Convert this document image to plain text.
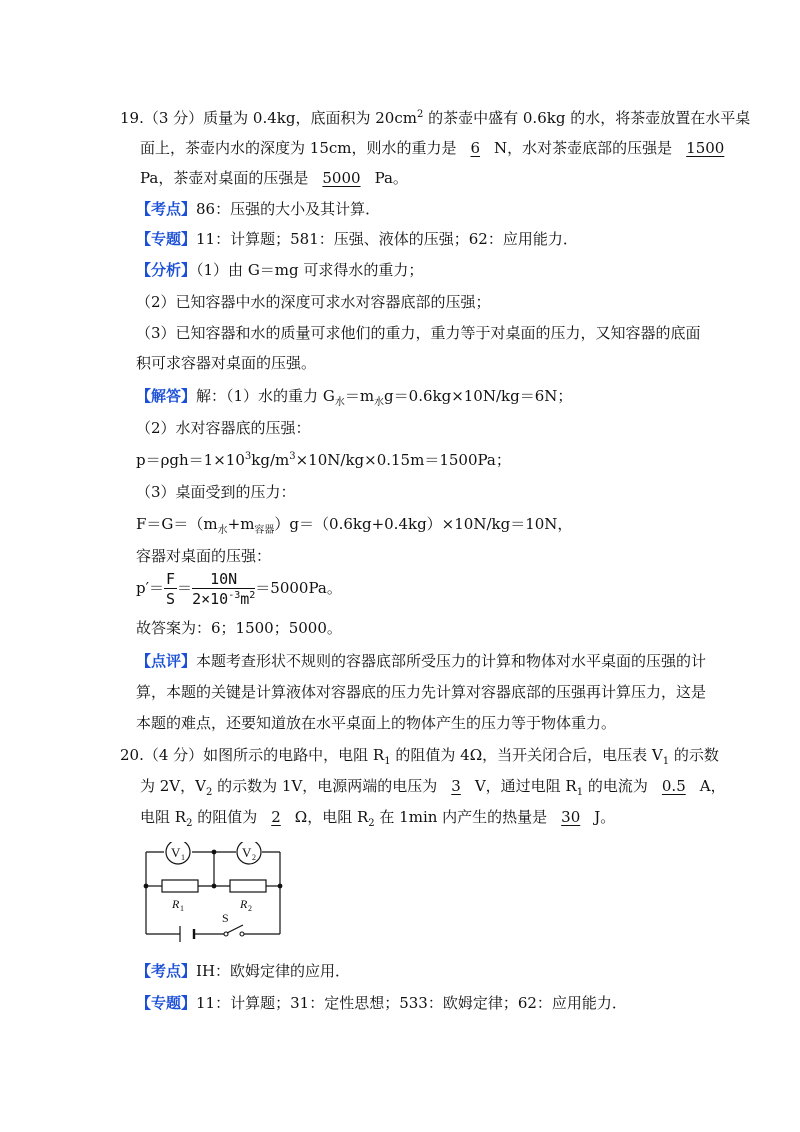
19.（3 分）质量为 0.4kg，底面积为 $20cm^2$ 的茶壶中盛有 0.6kg 的水，将茶壶放置在水平桌
面上，茶壶内水的深度为 15cm，则水的重力是 6 N，水对茶壶底部的压强是 1500
Pa，茶壶对桌面的压强是 5000 Pa。
【考点】86：压强的大小及其计算．
【专题】11：计算题；581：压强、液体的压强；62：应用能力．
【分析】（1）由 G＝mg 可求得水的重力；
（2）已知容器中水的深度可求水对容器底部的压强；
（3）已知容器和水的质量可求他们的重力，重力等于对桌面的压力，又知容器的底面
积可求容器对桌面的压强。
【解答】解：（1）水的重力 $G_水=m_水g=0.6kg\times 10N/kg=6N$；
（2）水对容器底的压强：
$p=\rho gh=1\times 10^3kg/m^3\times 10N/kg\times 0.15m=1500Pa$；
（3）桌面受到的压力：
$F=G=(m_水+m_{容器})g=(0.6kg+0.4kg)\times 10N/kg=10N$，
容器对桌面的压强：
$p'= \frac{F}{S} = \frac{10N}{2\times 10^{-3}m^2} =5000Pa$。
故答案为：6；1500；5000。
【点评】本题考查形状不规则的容器底部所受压力的计算和物体对水平桌面的压强的计
算，本题的关键是计算液体对容器底的压力先计算对容器底部的压强再计算压力，这是
本题的难点，还要知道放在水平桌面上的物体产生的压力等于物体重力。
20.（4 分）如图所示的电路中，电阻 $R_1$ 的阻值为 4Ω，当开关闭合后，电压表 $V_1$ 的示数
为 2V，$V_2$ 的示数为 1V，电源两端的电压为 3 V，通过电阻 $R_1$ 的电流为 0.5 A，
电阻 $R_2$ 的阻值为 2 Ω，电阻 $R_2$ 在 1min 内产生的热量是 30 J。
V 1	V 2
R 1	R 2
S
【考点】IH：欧姆定律的应用．
【专题】11：计算题；31：定性思想；533：欧姆定律；62：应用能力．
